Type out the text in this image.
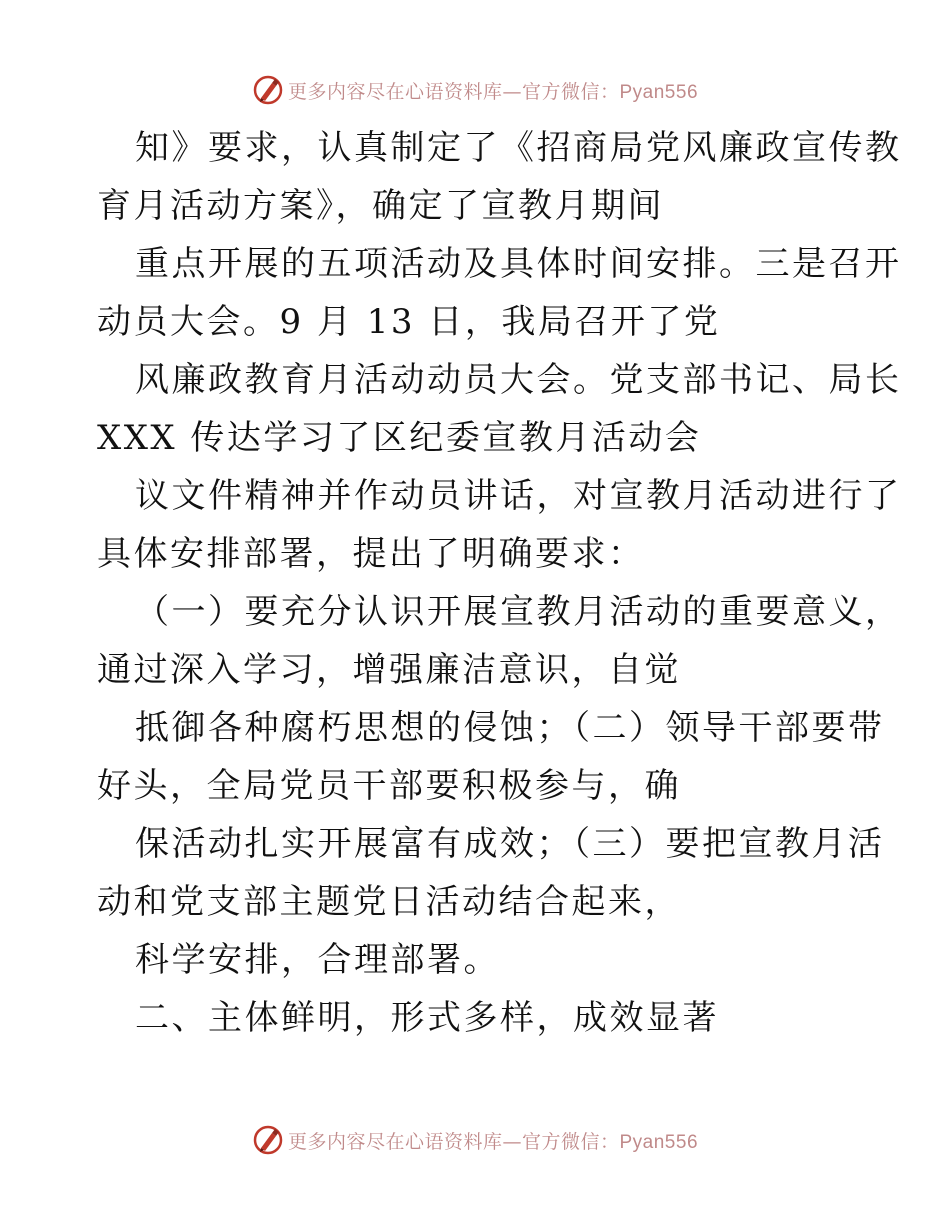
更多内容尽在心语资料库—官方微信：Pyan556
知》要求，认真制定了《招商局党风廉政宣传教
育月活动方案》，确定了宣教月期间
重点开展的五项活动及具体时间安排。三是召开
动员大会。9 月 13 日，我局召开了党
风廉政教育月活动动员大会。党支部书记、局长
XXX 传达学习了区纪委宣教月活动会
议文件精神并作动员讲话，对宣教月活动进行了
具体安排部署，提出了明确要求：
（一）要充分认识开展宣教月活动的重要意义，
通过深入学习，增强廉洁意识，自觉
抵御各种腐朽思想的侵蚀；（二）领导干部要带
好头，全局党员干部要积极参与，确
保活动扎实开展富有成效；（三）要把宣教月活
动和党支部主题党日活动结合起来，
科学安排，合理部署。
二、主体鲜明，形式多样，成效显著
更多内容尽在心语资料库—官方微信：Pyan556
